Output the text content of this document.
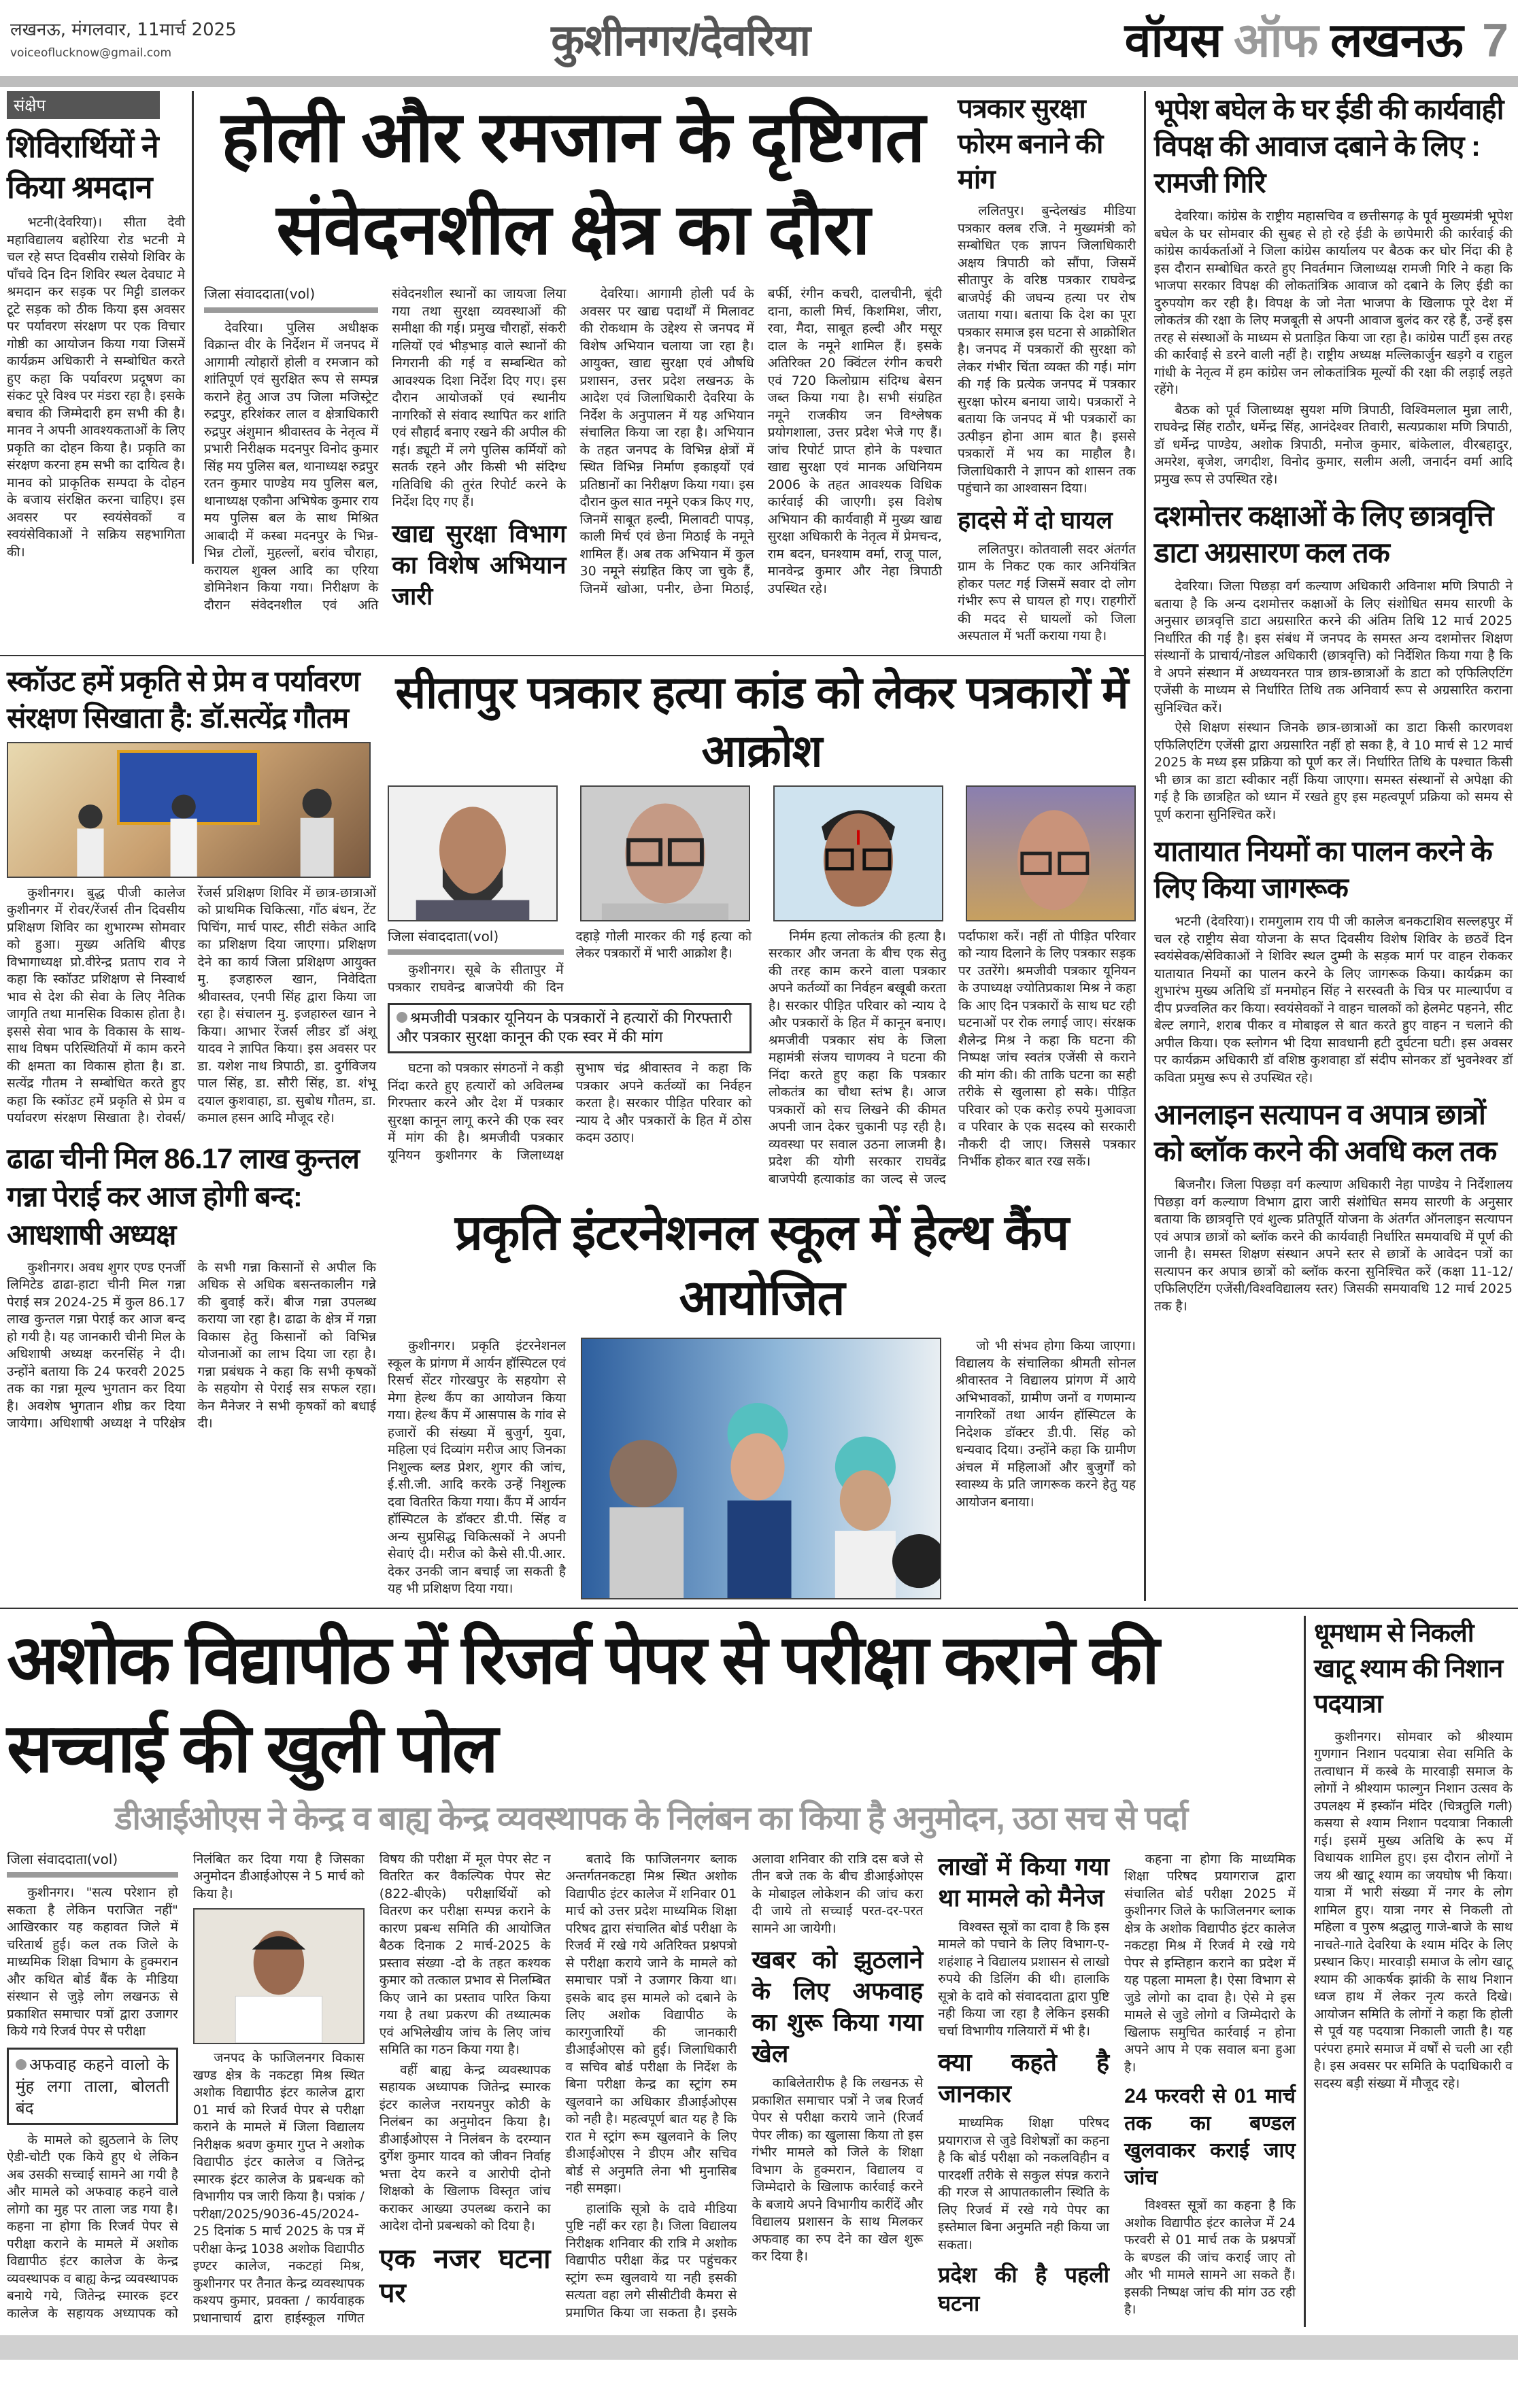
लखनऊ, मंगलवार, 11मार्च 2025
voiceoflucknow@gmail.com	कुशीनगर/देवरिया	वॉयस ऑफ लखनऊ 7
संक्षेप
शिविरार्थियों ने किया श्रमदान

भटनी(देवरिया)। सीता देवी महाविद्यालय बहोरिया रोड भटनी मे चल रहे सप्त दिवसीय रासेयो शिविर के पाँचवे दिन दिन शिविर स्थल देवघाट मे श्रमदान कर सड़क पर मिट्टी डालकर टूटे सड़क को ठीक किया इस अवसर पर पर्यावरण संरक्षण पर एक विचार गोष्ठी का आयोजन किया गया जिसमें कार्यक्रम अधिकारी ने सम्बोधित करते हुए कहा कि पर्यावरण प्रदूषण का संकट पूरे विश्व पर मंडरा रहा है। इसके बचाव की जिम्मेदारी हम सभी की है। मानव ने अपनी आवश्यकताओं के लिए प्रकृति का दोहन किया है। प्रकृति का संरक्षण करना हम सभी का दायित्व है। मानव को प्राकृतिक सम्पदा के दोहन के बजाय संरक्षित करना चाहिए। इस अवसर पर स्वयंसेवकों व स्वयंसेविकाओं ने सक्रिय सहभागिता की।

होली और रमजान के दृष्टिगत संवेदनशील क्षेत्र का दौरा
जिला संवाददाता(vol)

देवरिया। पुलिस अधीक्षक विक्रान्त वीर के निर्देशन में जनपद में आगामी त्योहारों होली व रमजान को शांतिपूर्ण एवं सुरक्षित रूप से सम्पन्न कराने हेतु आज उप जिला मजिस्ट्रेट रुद्रपुर, हरिशंकर लाल व क्षेत्राधिकारी रुद्रपुर अंशुमान श्रीवास्तव के नेतृत्व में प्रभारी निरीक्षक मदनपुर विनोद कुमार सिंह मय पुलिस बल, थानाध्यक्ष रुद्रपुर रतन कुमार पाण्डेय मय पुलिस बल, थानाध्यक्ष एकौना अभिषेक कुमार राय मय पुलिस बल के साथ मिश्रित आबादी में कस्बा मदनपुर के भिन्न-भिन्न टोलों, मुहल्लों, बरांव चौराहा, करायल शुक्ल आदि का एरिया डोमिनेशन किया गया। निरीक्षण के दौरान संवेदनशील एवं अति संवेदनशील स्थानों का जायजा लिया गया तथा सुरक्षा व्यवस्थाओं की समीक्षा की गई। प्रमुख चौराहों, संकरी गलियों एवं भीड़भाड़ वाले स्थानों की निगरानी की गई व सम्बन्धित को आवश्यक दिशा निर्देश दिए गए। इस दौरान आयोजकों एवं स्थानीय नागरिकों से संवाद स्थापित कर शांति एवं सौहार्द बनाए रखने की अपील की गई। ड्यूटी में लगे पुलिस कर्मियों को सतर्क रहने और किसी भी संदिग्ध गतिविधि की तुरंत रिपोर्ट करने के निर्देश दिए गए हैं।

खाद्य सुरक्षा विभाग का विशेष अभियान जारी

देवरिया। आगामी होली पर्व के अवसर पर खाद्य पदार्थों में मिलावट की रोकथाम के उद्देश्य से जनपद में विशेष अभियान चलाया जा रहा है। आयुक्त, खाद्य सुरक्षा एवं औषधि प्रशासन, उत्तर प्रदेश लखनऊ के आदेश एवं जिलाधिकारी देवरिया के निर्देश के अनुपालन में यह अभियान संचालित किया जा रहा है। अभियान के तहत जनपद के विभिन्न क्षेत्रों में स्थित विभिन्न निर्माण इकाइयों एवं प्रतिष्ठानों का निरीक्षण किया गया। इस दौरान कुल सात नमूने एकत्र किए गए, जिनमें साबूत हल्दी, मिलावटी पापड़, काली मिर्च एवं छेना मिठाई के नमूने शामिल हैं। अब तक अभियान में कुल 30 नमूने संग्रहित किए जा चुके हैं, जिनमें खोआ, पनीर, छेना मिठाई, बर्फी, रंगीन कचरी, दालचीनी, बूंदी दाना, काली मिर्च, किशमिश, जीरा, रवा, मैदा, साबूत हल्दी और मसूर दाल के नमूने शामिल हैं। इसके अतिरिक्त 20 क्विंटल रंगीन कचरी एवं 720 किलोग्राम संदिग्ध बेसन जब्त किया गया है। सभी संग्रहित नमूने राजकीय जन विश्लेषक प्रयोगशाला, उत्तर प्रदेश भेजे गए हैं। जांच रिपोर्ट प्राप्त होने के पश्चात खाद्य सुरक्षा एवं मानक अधिनियम 2006 के तहत आवश्यक विधिक कार्रवाई की जाएगी। इस विशेष अभियान की कार्यवाही में मुख्य खाद्य सुरक्षा अधिकारी के नेतृत्व में प्रेमचन्द, राम बदन, घनश्याम वर्मा, राजू पाल, मानवेन्द्र कुमार और नेहा त्रिपाठी उपस्थित रहे।

पत्रकार सुरक्षा फोरम बनाने की मांग

ललितपुर। बुन्देलखंड मीडिया पत्रकार क्लब रजि. ने मुख्यमंत्री को सम्बोधित एक ज्ञापन जिलाधिकारी अक्षय त्रिपाठी को सौंपा, जिसमें सीतापुर के वरिष्ठ पत्रकार राघवेन्द्र बाजपेई की जघन्य हत्या पर रोष जताया गया। बताया कि देश का पूरा पत्रकार समाज इस घटना से आक्रोशित है। जनपद में पत्रकारों की सुरक्षा को लेकर गंभीर चिंता व्यक्त की गई। मांग की गई कि प्रत्येक जनपद में पत्रकार सुरक्षा फोरम बनाया जाये। पत्रकारों ने बताया कि जनपद में भी पत्रकारों का उत्पीड़न होना आम बात है। इससे पत्रकारों में भय का माहौल है। जिलाधिकारी ने ज्ञापन को शासन तक पहुंचाने का आश्वासन दिया।

हादसे में दो घायल

ललितपुर। कोतवाली सदर अंतर्गत ग्राम के निकट एक कार अनियंत्रित होकर पलट गई जिसमें सवार दो लोग गंभीर रूप से घायल हो गए। राहगीरों की मदद से घायलों को जिला अस्पताल में भर्ती कराया गया है।

स्कॉउट हमें प्रकृति से प्रेम व पर्यावरण संरक्षण सिखाता है: डॉ.सत्येंद्र गौतम

कुशीनगर। बुद्ध पीजी कालेज कुशीनगर में रोवर/रेंजर्स तीन दिवसीय प्रशिक्षण शिविर का शुभारम्भ सोमवार को हुआ। मुख्य अतिथि बीएड विभागाध्यक्ष प्रो.वीरेन्द्र प्रताप राव ने कहा कि स्कॉउट प्रशिक्षण से निस्वार्थ भाव से देश की सेवा के लिए नैतिक जागृति तथा मानसिक विकास होता है। इससे सेवा भाव के विकास के साथ-साथ विषम परिस्थितियों में काम करने की क्षमता का विकास होता है। डा. सत्येंद्र गौतम ने सम्बोधित करते हुए कहा कि स्कॉउट हमें प्रकृति से प्रेम व पर्यावरण संरक्षण सिखाता है। रोवर्स/रेंजर्स प्रशिक्षण शिविर में छात्र-छात्राओं को प्राथमिक चिकित्सा, गाँठ बंधन, टेंट पिचिंग, मार्च पास्ट, सीटी संकेत आदि का प्रशिक्षण दिया जाएगा। प्रशिक्षण देने का कार्य जिला प्रशिक्षण आयुक्त मु. इजहारुल खान, निवेदिता श्रीवास्तव, एनपी सिंह द्वारा किया जा रहा है। संचालन मु. इजहारुल खान ने किया। आभार रेंजर्स लीडर डॉ अंशू यादव ने ज्ञापित किया। इस अवसर पर डा. यशेश नाथ त्रिपाठी, डा. दुर्गविजय पाल सिंह, डा. सौरी सिंह, डा. शंभू दयाल कुशवाहा, डा. सुबोध गौतम, डा. कमाल हसन आदि मौजूद रहे।

ढाढा चीनी मिल 86.17 लाख कुन्तल गन्ना पेराई कर आज होगी बन्द: आधशाषी अध्यक्ष

कुशीनगर। अवध शुगर एण्ड एनर्जी लिमिटेड ढाढा-हाटा चीनी मिल गन्ना पेराई सत्र 2024-25 में कुल 86.17 लाख कुन्तल गन्ना पेराई कर आज बन्द हो गयी है। यह जानकारी चीनी मिल के अधिशाषी अध्यक्ष करनसिंह ने दी। उन्होंने बताया कि 24 फरवरी 2025 तक का गन्ना मूल्य भुगतान कर दिया है। अवशेष भुगतान शीघ्र कर दिया जायेगा। अधिशाषी अध्यक्ष ने परिक्षेत्र के सभी गन्ना किसानों से अपील कि अधिक से अधिक बसन्तकालीन गन्ने की बुवाई करें। बीज गन्ना उपलब्ध कराया जा रहा है। ढाढा के क्षेत्र में गन्ना विकास हेतु किसानों को विभिन्न योजनाओं का लाभ दिया जा रहा है। गन्ना प्रबंधक ने कहा कि सभी कृषकों के सहयोग से पेराई सत्र सफल रहा। केन मैनेजर ने सभी कृषकों को बधाई दी।

सीतापुर पत्रकार हत्या कांड को लेकर पत्रकारों में आक्रोश
जिला संवाददाता(vol)

कुशीनगर। सूबे के सीतापुर में पत्रकार राघवेन्द्र बाजपेयी की दिन दहाड़े गोली मारकर की गई हत्या को लेकर पत्रकारों में भारी आक्रोश है।

श्रमजीवी पत्रकार यूनियन के पत्रकारों ने हत्यारों की गिरफ्तारी और पत्रकार सुरक्षा कानून की एक स्वर में की मांग

घटना को पत्रकार संगठनों ने कड़ी निंदा करते हुए हत्यारों को अविलम्ब गिरफ्तार करने और देश में पत्रकार सुरक्षा कानून लागू करने की एक स्वर में मांग की है। श्रमजीवी पत्रकार यूनियन कुशीनगर के जिलाध्यक्ष सुभाष चंद्र श्रीवास्तव ने कहा कि पत्रकार अपने कर्तव्यों का निर्वहन करता है। सरकार पीड़ित परिवार को न्याय दे और पत्रकारों के हित में ठोस कदम उठाए।

निर्मम हत्या लोकतंत्र की हत्या है। सरकार और जनता के बीच एक सेतु की तरह काम करने वाला पत्रकार अपने कर्तव्यों का निर्वहन बखूबी करता है। सरकार पीड़ित परिवार को न्याय दे और पत्रकारों के हित में कानून बनाए। श्रमजीवी पत्रकार संघ के जिला महामंत्री संजय चाणक्य ने घटना की निंदा करते हुए कहा कि पत्रकार लोकतंत्र का चौथा स्तंभ है। आज पत्रकारों को सच लिखने की कीमत अपनी जान देकर चुकानी पड़ रही है। व्यवस्था पर सवाल उठना लाजमी है। प्रदेश की योगी सरकार राघवेंद्र बाजपेयी हत्याकांड का जल्द से जल्द पर्दाफाश करें। नहीं तो पीड़ित परिवार को न्याय दिलाने के लिए पत्रकार सड़क पर उतरेंगे। श्रमजीवी पत्रकार यूनियन के उपाध्यक्ष ज्योतिप्रकाश मिश्र ने कहा कि आए दिन पत्रकारों के साथ घट रही घटनाओं पर रोक लगाई जाए। संरक्षक शैलेन्द्र मिश्र ने कहा कि घटना की निष्पक्ष जांच स्वतंत्र एजेंसी से कराने की मांग की। की ताकि घटना का सही तरीके से खुलासा हो सके। पीड़ित परिवार को एक करोड़ रुपये मुआवजा व परिवार के एक सदस्य को सरकारी नौकरी दी जाए। जिससे पत्रकार निर्भीक होकर बात रख सकें।

प्रकृति इंटरनेशनल स्कूल में हेल्थ कैंप आयोजित

कुशीनगर। प्रकृति इंटरनेशनल स्कूल के प्रांगण में आर्यन हॉस्पिटल एवं रिसर्च सेंटर गोरखपुर के सहयोग से मेगा हेल्थ कैंप का आयोजन किया गया। हेल्थ कैंप में आसपास के गांव से हजारों की संख्या में बुजुर्ग, युवा, महिला एवं दिव्यांग मरीज आए जिनका निशुल्क ब्लड प्रेशर, शुगर की जांच, ई.सी.जी. आदि करके उन्हें निशुल्क दवा वितरित किया गया। कैंप में आर्यन हॉस्पिटल के डॉक्टर डी.पी. सिंह व अन्य सुप्रसिद्ध चिकित्सकों ने अपनी सेवाएं दी। मरीज को कैसे सी.पी.आर. देकर उनकी जान बचाई जा सकती है यह भी प्रशिक्षण दिया गया।

जो भी संभव होगा किया जाएगा। विद्यालय के संचालिका श्रीमती सोनल श्रीवास्तव ने विद्यालय प्रांगण में आये अभिभावकों, ग्रामीण जनों व गणमान्य नागरिकों तथा आर्यन हॉस्पिटल के निदेशक डॉक्टर डी.पी. सिंह को धन्यवाद दिया। उन्होंने कहा कि ग्रामीण अंचल में महिलाओं और बुजुर्गों को स्वास्थ्य के प्रति जागरूक करने हेतु यह आयोजन बनाया।

भूपेश बघेल के घर ईडी की कार्यवाही विपक्ष की आवाज दबाने के लिए : रामजी गिरि

देवरिया। कांग्रेस के राष्ट्रीय महासचिव व छत्तीसगढ़ के पूर्व मुख्यमंत्री भूपेश बघेल के घर सोमवार की सुबह से हो रहे ईडी के छापेमारी की कार्रवाई की कांग्रेस कार्यकर्ताओं ने जिला कांग्रेस कार्यालय पर बैठक कर घोर निंदा की है इस दौरान सम्बोधित करते हुए निवर्तमान जिलाध्यक्ष रामजी गिरि ने कहा कि भाजपा सरकार विपक्ष की लोकतांत्रिक आवाज को दबाने के लिए ईडी का दुरुपयोग कर रही है। विपक्ष के जो नेता भाजपा के खिलाफ पूरे देश में लोकतंत्र की रक्षा के लिए मजबूती से अपनी आवाज बुलंद कर रहे हैं, उन्हें इस तरह से संस्थाओं के माध्यम से प्रताड़ित किया जा रहा है। कांग्रेस पार्टी इस तरह की कार्रवाई से डरने वाली नहीं है। राष्ट्रीय अध्यक्ष मल्लिकार्जुन खड़गे व राहुल गांधी के नेतृत्व में हम कांग्रेस जन लोकतांत्रिक मूल्यों की रक्षा की लड़ाई लड़ते रहेंगे।

बैठक को पूर्व जिलाध्यक्ष सुयश मणि त्रिपाठी, विश्विमलाल मुन्ना लारी, राघवेन्द्र सिंह राठौर, धर्मेन्द्र सिंह, आनंदेश्वर तिवारी, सत्यप्रकाश मणि त्रिपाठी, डॉ धर्मेन्द्र पाण्डेय, अशोक त्रिपाठी, मनोज कुमार, बांकेलाल, वीरबहादुर, अमरेश, बृजेश, जगदीश, विनोद कुमार, सलीम अली, जनार्दन वर्मा आदि प्रमुख रूप से उपस्थित रहे।

दशमोत्तर कक्षाओं के लिए छात्रवृत्ति डाटा अग्रसारण कल तक

देवरिया। जिला पिछड़ा वर्ग कल्याण अधिकारी अविनाश मणि त्रिपाठी ने बताया है कि अन्य दशमोत्तर कक्षाओं के लिए संशोधित समय सारणी के अनुसार छात्रवृत्ति डाटा अग्रसारित करने की अंतिम तिथि 12 मार्च 2025 निर्धारित की गई है। इस संबंध में जनपद के समस्त अन्य दशमोत्तर शिक्षण संस्थानों के प्राचार्य/नोडल अधिकारी (छात्रवृत्ति) को निर्देशित किया गया है कि वे अपने संस्थान में अध्ययनरत पात्र छात्र-छात्राओं के डाटा को एफिलिएटिंग एजेंसी के माध्यम से निर्धारित तिथि तक अनिवार्य रूप से अग्रसारित कराना सुनिश्चित करें।

ऐसे शिक्षण संस्थान जिनके छात्र-छात्राओं का डाटा किसी कारणवश एफिलिएटिंग एजेंसी द्वारा अग्रसारित नहीं हो सका है, वे 10 मार्च से 12 मार्च 2025 के मध्य इस प्रक्रिया को पूर्ण कर लें। निर्धारित तिथि के पश्चात किसी भी छात्र का डाटा स्वीकार नहीं किया जाएगा। समस्त संस्थानों से अपेक्षा की गई है कि छात्रहित को ध्यान में रखते हुए इस महत्वपूर्ण प्रक्रिया को समय से पूर्ण कराना सुनिश्चित करें।

यातायात नियमों का पालन करने के लिए किया जागरूक

भटनी (देवरिया)। रामगुलाम राय पी जी कालेज बनकटाशिव सल्लहपुर में चल रहे राष्ट्रीय सेवा योजना के सप्त दिवसीय विशेष शिविर के छठवें दिन स्वयंसेवक/सेविकाओं ने शिविर स्थल दुम्मी के सड़क मार्ग पर वाहन रोककर यातायात नियमों का पालन करने के लिए जागरूक किया। कार्यक्रम का शुभारंभ मुख्य अतिथि डॉ मनमोहन सिंह ने सरस्वती के चित्र पर माल्यार्पण व दीप प्रज्वलित कर किया। स्वयंसेवकों ने वाहन चालकों को हेलमेट पहनने, सीट बेल्ट लगाने, शराब पीकर व मोबाइल से बात करते हुए वाहन न चलाने की अपील किया। एक स्लोगन भी दिया सावधानी हटी दुर्घटना घटी। इस अवसर पर कार्यक्रम अधिकारी डॉ वशिष्ठ कुशवाहा डॉ संदीप सोनकर डॉ भुवनेश्वर डॉ कविता प्रमुख रूप से उपस्थित रहे।

आनलाइन सत्यापन व अपात्र छात्रों को ब्लॉक करने की अवधि कल तक

बिजनौर। जिला पिछड़ा वर्ग कल्याण अधिकारी नेहा पाण्डेय ने निर्देशालय पिछड़ा वर्ग कल्याण विभाग द्वारा जारी संशोधित समय सारणी के अनुसार बताया कि छात्रवृत्ति एवं शुल्क प्रतिपूर्ति योजना के अंतर्गत ऑनलाइन सत्यापन एवं अपात्र छात्रों को ब्लॉक करने की कार्यवाही निर्धारित समयावधि में पूर्ण की जानी है। समस्त शिक्षण संस्थान अपने स्तर से छात्रों के आवेदन पत्रों का सत्यापन कर अपात्र छात्रों को ब्लॉक करना सुनिश्चित करें (कक्षा 11-12/एफिलिएटिंग एजेंसी/विश्वविद्यालय स्तर) जिसकी समयावधि 12 मार्च 2025 तक है।

अशोक विद्यापीठ में रिजर्व पेपर से परीक्षा कराने की सच्चाई की खुली पोल
डीआईओएस ने केन्द्र व बाह्य केन्द्र व्यवस्थापक के निलंबन का किया है अनुमोदन, उठा सच से पर्दा
जिला संवाददाता(vol)

कुशीनगर। "सत्य परेशान हो सकता है लेकिन पराजित नहीं" आखिरकार यह कहावत जिले में चरितार्थ हुई। कल तक जिले के माध्यमिक शिक्षा विभाग के हुक्मरान और कथित बोर्ड बैंक के मीडिया संस्थान से जुड़े लोग लखनऊ से प्रकाशित समाचार पत्रों द्वारा उजागर किये गये रिजर्व पेपर से परीक्षा

अफवाह कहने वालो के मुंह लगा ताला, बोलती बंद

के मामले को झुठलाने के लिए ऐडी-चोटी एक किये हुए थे लेकिन अब उसकी सच्चाई सामने आ गयी है और मामले को अफवाह कहने वाले लोगो का मुह पर ताला जड गया है। कहना ना होगा कि रिजर्व पेपर से परीक्षा कराने के मामले में अशोक विद्यापीठ इंटर कालेज के केन्द्र व्यवस्थापक व बाह्य केन्द्र व्यवस्थापक बनाये गये, जितेन्द्र स्मारक इटर कालेज के सहायक अध्यापक को निलंबित कर दिया गया है जिसका अनुमोदन डीआईओएस ने 5 मार्च को किया है।

जनपद के फाजिलनगर विकास खण्ड क्षेत्र के नकटहा मिश्र स्थित अशोक विद्यापीठ इंटर कालेज द्वारा 01 मार्च को रिजर्व पेपर से परीक्षा कराने के मामले में जिला विद्यालय निरीक्षक श्रवण कुमार गुप्त ने अशोक विद्यापीठ इंटर कालेज व जितेन्द्र स्मारक इंटर कालेज के प्रबन्धक को विभागीय पत्र जारी किया है। पत्रांक /परीक्षा/2025/9036-45/2024-25 दिनांक 5 मार्च 2025 के पत्र में परीक्षा केन्द्र 1038 अशोक विद्यापीठ इण्टर कालेज, नकटहां मिश्र, कुशीनगर पर तैनात केन्द्र व्यवस्थापक कश्यप कुमार, प्रवक्ता / कार्यवाहक प्रधानाचार्य द्वारा हाईस्कूल गणित विषय की परीक्षा में मूल पेपर सेट न वितरित कर वैकल्पिक पेपर सेट (822-बीएके) परीक्षार्थियों को वितरण कर परीक्षा सम्पन्न कराने के कारण प्रबन्ध समिति की आयोजित बैठक दिनाक 2 मार्च-2025 के प्रस्ताव संख्या -दो के तहत कश्यक कुमार को तत्काल प्रभाव से निलम्बित किए जाने का प्रस्ताव पारित किया गया है तथा प्रकरण की तथ्यात्मक एवं अभिलेखीय जांच के लिए जांच समिति का गठन किया गया है।

वहीं बाह्य केन्द्र व्यवस्थापक सहायक अध्यापक जितेन्द्र स्मारक इंटर कालेज नरायनपुर कोठी के निलंबन का अनुमोदन किया है। डीआईओएस ने निलंबन के दरम्यान दुर्गेश कुमार यादव को जीवन निर्वाह भत्ता देय करने व आरोपी दोनो शिक्षको के खिलाफ विस्तृत जांच कराकर आख्या उपलब्ध कराने का आदेश दोनो प्रबन्धको को दिया है।

एक नजर घटना पर

बतादे कि फाजिलनगर ब्लाक अन्तर्गतनकटहा मिश्र स्थित अशोक विद्यापीठ इंटर कालेज में शनिवार 01 मार्च को उत्तर प्रदेश माध्यमिक शिक्षा परिषद द्वारा संचालित बोर्ड परीक्षा के रिजर्व में रखे गये अतिरिक्त प्रश्नपत्रो से परीक्षा कराये जाने के मामले को समाचार पत्रों ने उजागर किया था। इसके बाद इस मामले को दबाने के लिए अशोक विद्यापीठ के कारगुजारियों की जानकारी डीआईओएस को हुई। जिलाधिकारी व सचिव बोर्ड परीक्षा के निर्देश के बिना परीक्षा केन्द्र का स्ट्रांग रुम खुलवाने का अधिकार डीआईओएस को नही है। महत्वपूर्ण बात यह है कि रात मे स्ट्रांग रूम खुलवाने के लिए डीआईओएस ने डीएम और सचिव बोर्ड से अनुमति लेना भी मुनासिब नही समझा।

हालांकि सूत्रो के दावे मीडिया पुष्टि नहीं कर रहा है। जिला विद्यालय निरीक्षक शनिवार की रात्रि मे अशोक विद्यापीठ परीक्षा केंद्र पर पहुंचकर स्ट्रांग रूम खुलवाये या नही इसकी सत्यता वहा लगे सीसीटीवी कैमरा से प्रमाणित किया जा सकता है। इसके अलावा शनिवार की रात्रि दस बजे से तीन बजे तक के बीच डीआईओएस के मोबाइल लोकेशन की जांच करा दी जाये तो सच्चाई परत-दर-परत सामने आ जायेगी।

खबर को झुठलाने के लिए अफवाह का शुरू किया गया खेल

काबिलेतारीफ है कि लखनऊ से प्रकाशित समाचार पत्रों ने जब रिजर्व पेपर से परीक्षा कराये जाने (रिजर्व पेपर लीक) का खुलासा किया तो इस गंभीर मामले को जिले के शिक्षा विभाग के हुक्मरान, विद्यालय व जिम्मेदारो के खिलाफ कार्रवाई करने के बजाये अपने विभागीय कारींदें और विद्यालय प्रशासन के साथ मिलकर अफवाह का रुप देने का खेल शुरू कर दिया है।

लाखों में किया गया था मामले को मैनेज

विश्वस्त सूत्रों का दावा है कि इस मामले को पचाने के लिए विभाग-ए-शहंशाह ने विद्यालय प्रशासन से लाखो रुपये की डिलिंग की थी। हालाकि सूत्रो के दावे को संवाददाता द्वारा पुष्टि नही किया जा रहा है लेकिन इसकी चर्चा विभागीय गलियारों में भी है।

क्या कहते है जानकार

माध्यमिक शिक्षा परिषद प्रयागराज से जुडे विशेषज्ञों का कहना है कि बोर्ड परीक्षा को नकलविहीन व पारदर्शी तरीके से सकुल संपन्न कराने की गरज से आपातकालीन स्थिति के लिए रिजर्व में रखे गये पेपर का इस्तेमाल बिना अनुमति नही किया जा सकता।

प्रदेश की है पहली घटना

कहना ना होगा कि माध्यमिक शिक्षा परिषद प्रयागराज द्वारा संचालित बोर्ड परीक्षा 2025 में कुशीनगर जिले के फाजिलनगर ब्लाक क्षेत्र के अशोक विद्यापीठ इंटर कालेज नकटहा मिश्र में रिजर्व मे रखे गये पेपर से इम्तिहान कराने का प्रदेश में यह पहला मामला है। ऐसा विभाग से जुडे लोगो का दावा है। ऐसे मे इस मामले से जुडे लोगो व जिम्मेदारो के खिलाफ समुचित कार्रवाई न होना अपने आप मे एक सवाल बना हुआ है।

24 फरवरी से 01 मार्च तक का बण्डल खुलवाकर कराई जाए जांच

विश्वस्त सूत्रों का कहना है कि अशोक विद्यापीठ इंटर कालेज में 24 फरवरी से 01 मार्च तक के प्रश्नपत्रों के बण्डल की जांच कराई जाए तो और भी मामले सामने आ सकते हैं। इसकी निष्पक्ष जांच की मांग उठ रही है।

धूमधाम से निकली खाटू श्याम की निशान पदयात्रा

कुशीनगर। सोमवार को श्रीश्याम गुणगान निशान पदयात्रा सेवा समिति के तत्वाधान में कस्बे के मारवाड़ी समाज के लोगों ने श्रीश्याम फाल्गुन निशान उत्सव के उपलक्ष्य में इस्कॉन मंदिर (चित्रतुलि गली) कसया से श्याम निशान पदयात्रा निकाली गई। इसमें मुख्य अतिथि के रूप में विधायक शामिल हुए। इस दौरान लोगों ने जय श्री खाटू श्याम का जयघोष भी किया। यात्रा में भारी संख्या में नगर के लोग शामिल हुए। यात्रा नगर से निकली तो महिला व पुरुष श्रद्धालु गाजे-बाजे के साथ नाचते-गाते देवरिया के श्याम मंदिर के लिए प्रस्थान किए। मारवाड़ी समाज के लोग खाटू श्याम की आकर्षक झांकी के साथ निशान ध्वज हाथ में लेकर नृत्य करते दिखे। आयोजन समिति के लोगों ने कहा कि होली से पूर्व यह पदयात्रा निकाली जाती है। यह परंपरा हमारे समाज में वर्षों से चली आ रही है। इस अवसर पर समिति के पदाधिकारी व सदस्य बड़ी संख्या में मौजूद रहे।
